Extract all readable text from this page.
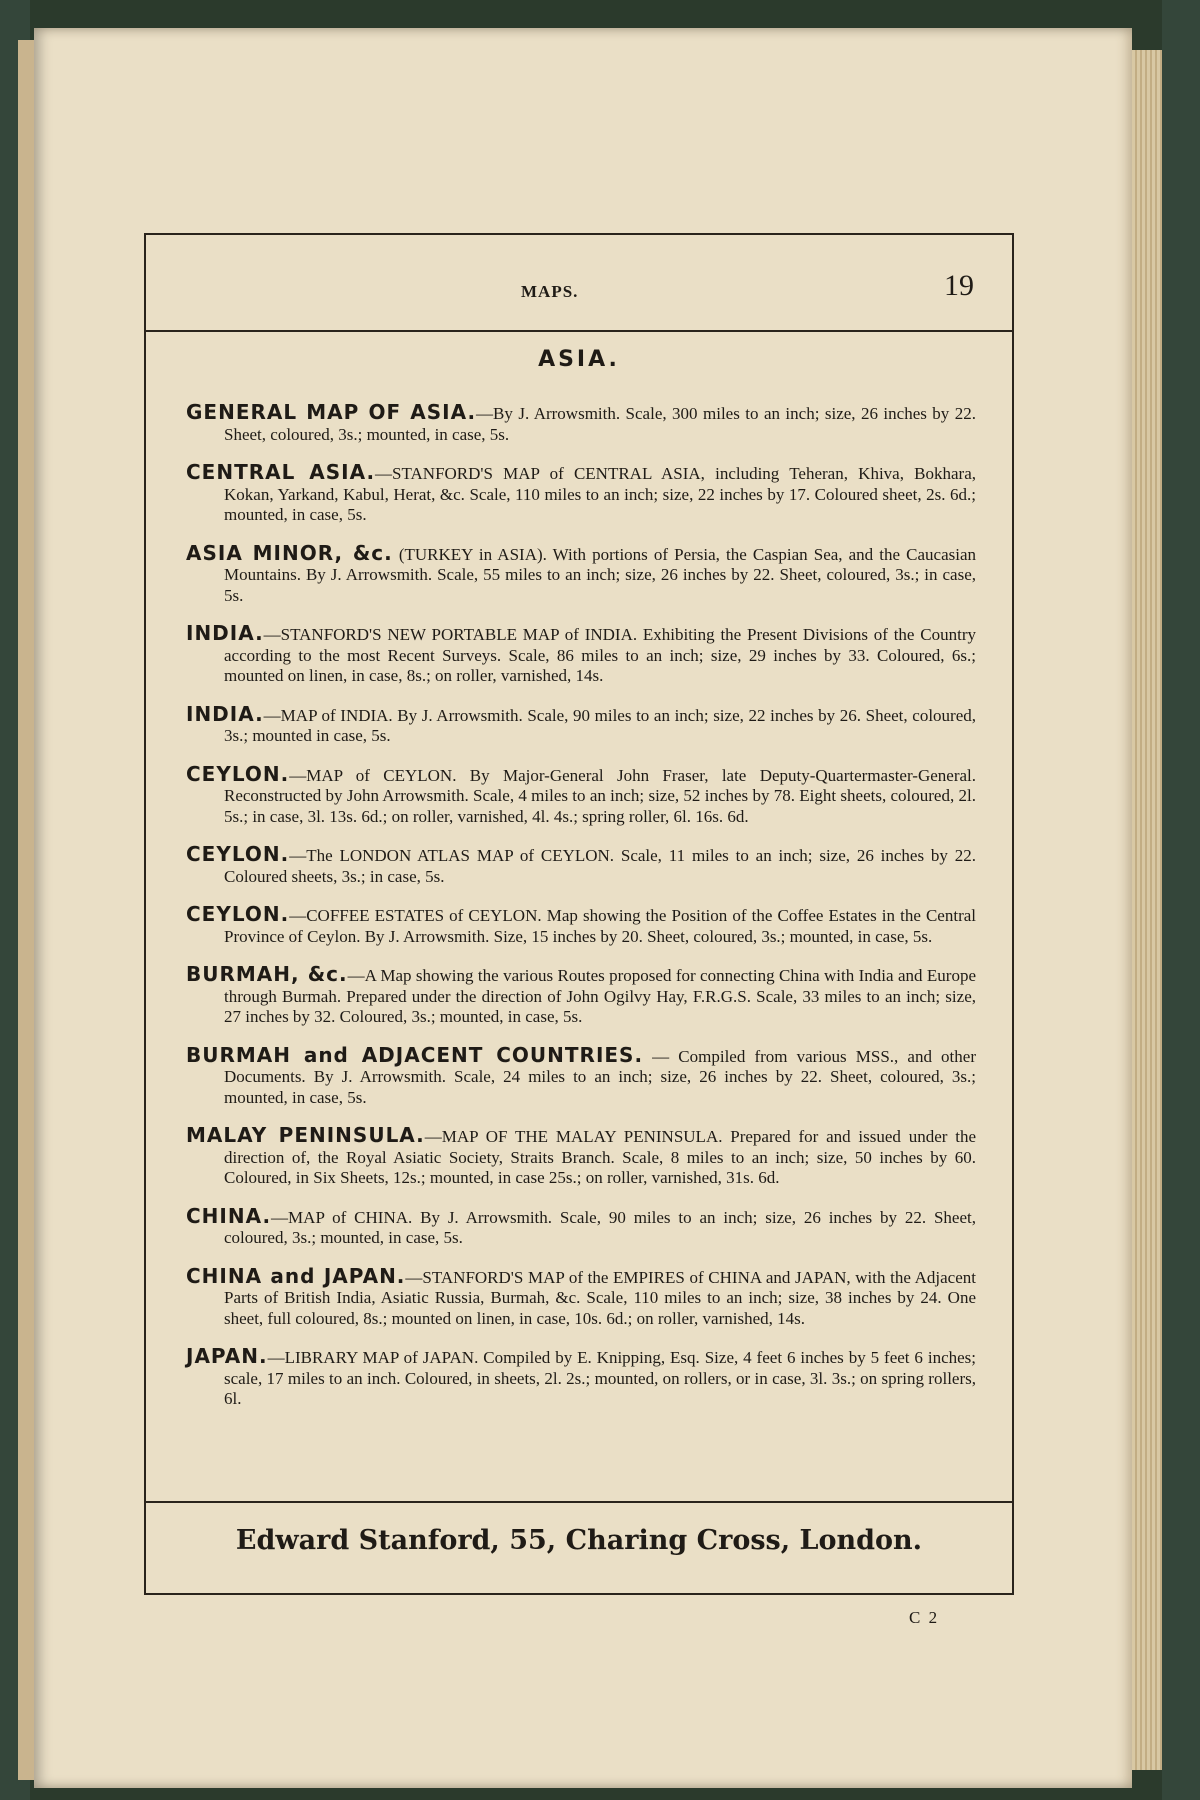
MAPS.	19
ASIA.

GENERAL MAP OF ASIA.—By J. Arrowsmith. Scale, 300 miles to an inch; size, 26 inches by 22. Sheet, coloured, 3s.; mounted, in case, 5s.

CENTRAL ASIA.—STANFORD'S MAP of CENTRAL ASIA, including Teheran, Khiva, Bokhara, Kokan, Yarkand, Kabul, Herat, &c. Scale, 110 miles to an inch; size, 22 inches by 17. Coloured sheet, 2s. 6d.; mounted, in case, 5s.

ASIA MINOR, &c. (TURKEY in ASIA). With portions of Persia, the Caspian Sea, and the Caucasian Mountains. By J. Arrowsmith. Scale, 55 miles to an inch; size, 26 inches by 22. Sheet, coloured, 3s.; in case, 5s.

INDIA.—STANFORD'S NEW PORTABLE MAP of INDIA. Exhibiting the Present Divisions of the Country according to the most Recent Surveys. Scale, 86 miles to an inch; size, 29 inches by 33. Coloured, 6s.; mounted on linen, in case, 8s.; on roller, varnished, 14s.

INDIA.—MAP of INDIA. By J. Arrowsmith. Scale, 90 miles to an inch; size, 22 inches by 26. Sheet, coloured, 3s.; mounted in case, 5s.

CEYLON.—MAP of CEYLON. By Major-General John Fraser, late Deputy-Quartermaster-General. Reconstructed by John Arrowsmith. Scale, 4 miles to an inch; size, 52 inches by 78. Eight sheets, coloured, 2l. 5s.; in case, 3l. 13s. 6d.; on roller, varnished, 4l. 4s.; spring roller, 6l. 16s. 6d.

CEYLON.—The LONDON ATLAS MAP of CEYLON. Scale, 11 miles to an inch; size, 26 inches by 22. Coloured sheets, 3s.; in case, 5s.

CEYLON.—COFFEE ESTATES of CEYLON. Map showing the Position of the Coffee Estates in the Central Province of Ceylon. By J. Arrowsmith. Size, 15 inches by 20. Sheet, coloured, 3s.; mounted, in case, 5s.

BURMAH, &c.—A Map showing the various Routes proposed for connecting China with India and Europe through Burmah. Prepared under the direction of John Ogilvy Hay, F.R.G.S. Scale, 33 miles to an inch; size, 27 inches by 32. Coloured, 3s.; mounted, in case, 5s.

BURMAH and ADJACENT COUNTRIES. — Compiled from various MSS., and other Documents. By J. Arrowsmith. Scale, 24 miles to an inch; size, 26 inches by 22. Sheet, coloured, 3s.; mounted, in case, 5s.

MALAY PENINSULA.—MAP OF THE MALAY PENINSULA. Prepared for and issued under the direction of, the Royal Asiatic Society, Straits Branch. Scale, 8 miles to an inch; size, 50 inches by 60. Coloured, in Six Sheets, 12s.; mounted, in case 25s.; on roller, varnished, 31s. 6d.

CHINA.—MAP of CHINA. By J. Arrowsmith. Scale, 90 miles to an inch; size, 26 inches by 22. Sheet, coloured, 3s.; mounted, in case, 5s.

CHINA and JAPAN.—STANFORD'S MAP of the EMPIRES of CHINA and JAPAN, with the Adjacent Parts of British India, Asiatic Russia, Burmah, &c. Scale, 110 miles to an inch; size, 38 inches by 24. One sheet, full coloured, 8s.; mounted on linen, in case, 10s. 6d.; on roller, varnished, 14s.

JAPAN.—LIBRARY MAP of JAPAN. Compiled by E. Knipping, Esq. Size, 4 feet 6 inches by 5 feet 6 inches; scale, 17 miles to an inch. Coloured, in sheets, 2l. 2s.; mounted, on rollers, or in case, 3l. 3s.; on spring rollers, 6l.

Edward Stanford, 55, Charing Cross, London.
C 2
